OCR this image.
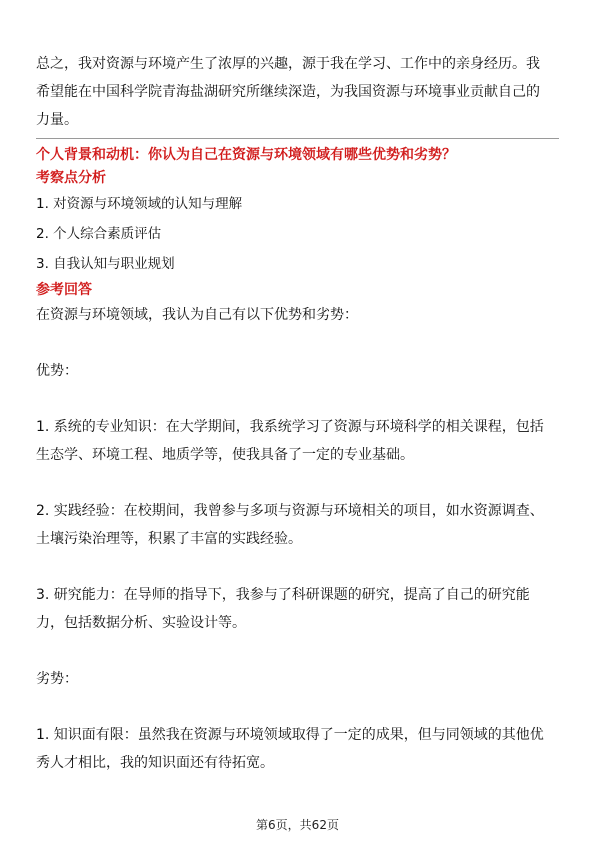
总之，我对资源与环境产生了浓厚的兴趣，源于我在学习、工作中的亲身经历。我

希望能在中国科学院青海盐湖研究所继续深造，为我国资源与环境事业贡献自己的

力量。

个人背景和动机：你认为自己在资源与环境领域有哪些优势和劣势？

考察点分析

1. 对资源与环境领域的认知与理解

2. 个人综合素质评估

3. 自我认知与职业规划

参考回答

在资源与环境领域，我认为自己有以下优势和劣势：

优势：

1. 系统的专业知识：在大学期间，我系统学习了资源与环境科学的相关课程，包括

生态学、环境工程、地质学等，使我具备了一定的专业基础。

2. 实践经验：在校期间，我曾参与多项与资源与环境相关的项目，如水资源调查、

土壤污染治理等，积累了丰富的实践经验。

3. 研究能力：在导师的指导下，我参与了科研课题的研究，提高了自己的研究能

力，包括数据分析、实验设计等。

劣势：

1. 知识面有限：虽然我在资源与环境领域取得了一定的成果，但与同领域的其他优

秀人才相比，我的知识面还有待拓宽。

第6页，共62页
